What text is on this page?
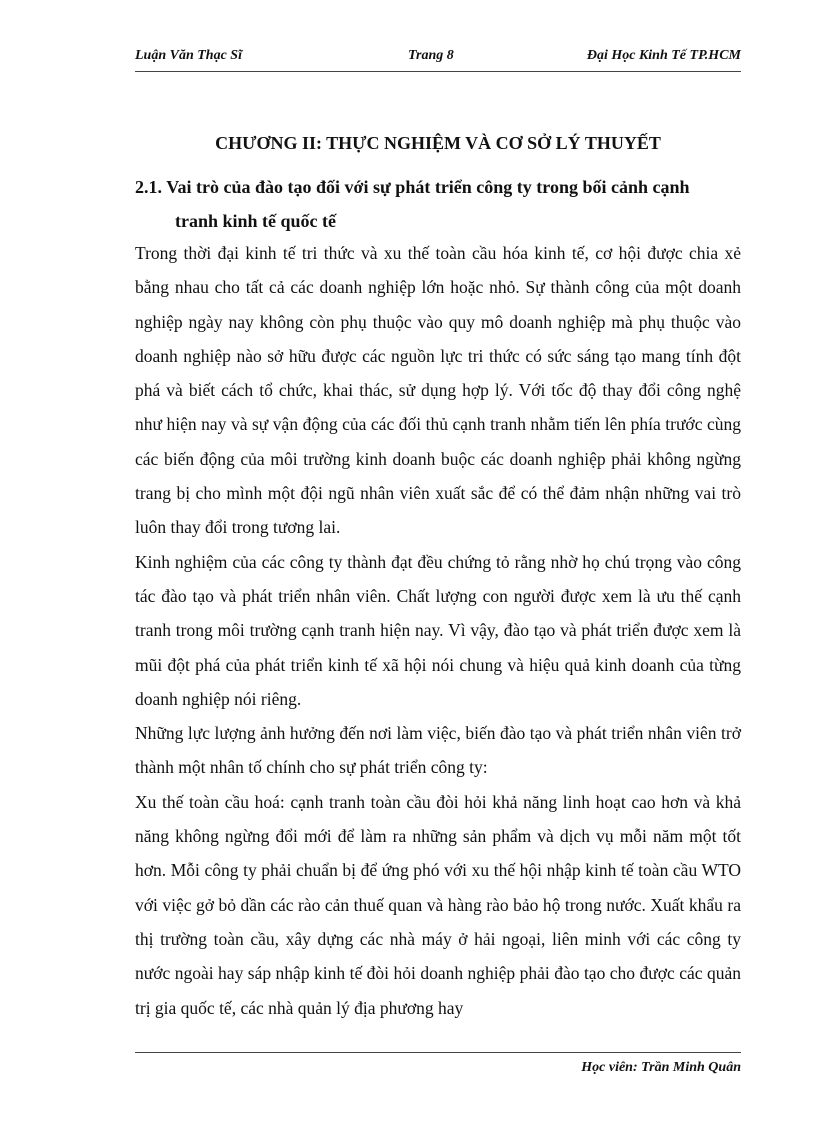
Luận Văn Thạc Sĩ	Trang 8	Đại Học Kinh Tế TP.HCM
CHƯƠNG II: THỰC NGHIỆM VÀ CƠ SỞ LÝ THUYẾT
2.1. Vai trò của đào tạo đối với sự phát triển công ty trong bối cảnh cạnh
tranh kinh tế quốc tế

Trong thời đại kinh tế tri thức và xu thế toàn cầu hóa kinh tế, cơ hội được chia xẻ bằng nhau cho tất cả các doanh nghiệp lớn hoặc nhỏ. Sự thành công của một doanh nghiệp ngày nay không còn phụ thuộc vào quy mô doanh nghiệp mà phụ thuộc vào doanh nghiệp nào sở hữu được các nguồn lực tri thức có sức sáng tạo mang tính đột phá và biết cách tổ chức, khai thác, sử dụng hợp lý. Với tốc độ thay đổi công nghệ như hiện nay và sự vận động của các đối thủ cạnh tranh nhằm tiến lên phía trước cùng các biến động của môi trường kinh doanh buộc các doanh nghiệp phải không ngừng trang bị cho mình một đội ngũ nhân viên xuất sắc để có thể đảm nhận những vai trò luôn thay đổi trong tương lai.

Kinh nghiệm của các công ty thành đạt đều chứng tỏ rằng nhờ họ chú trọng vào công tác đào tạo và phát triển nhân viên. Chất lượng con người được xem là ưu thế cạnh tranh trong môi trường cạnh tranh hiện nay. Vì vậy, đào tạo và phát triển được xem là mũi đột phá của phát triển kinh tế xã hội nói chung và hiệu quả kinh doanh của từng doanh nghiệp nói riêng.

Những lực lượng ảnh hưởng đến nơi làm việc, biến đào tạo và phát triển nhân viên trở thành một nhân tố chính cho sự phát triển công ty:

Xu thế toàn cầu hoá: cạnh tranh toàn cầu đòi hỏi khả năng linh hoạt cao hơn và khả năng không ngừng đổi mới để làm ra những sản phẩm và dịch vụ mỗi năm một tốt hơn. Mỗi công ty phải chuẩn bị để ứng phó với xu thế hội nhập kinh tế toàn cầu WTO với việc gở bỏ dần các rào cản thuế quan và hàng rào bảo hộ trong nước. Xuất khẩu ra thị trường toàn cầu, xây dựng các nhà máy ở hải ngoại, liên minh với các công ty nước ngoài hay sáp nhập kinh tế đòi hỏi doanh nghiệp phải đào tạo cho được các quản trị gia quốc tế, các nhà quản lý địa phương hay

Học viên: Trần Minh Quân
